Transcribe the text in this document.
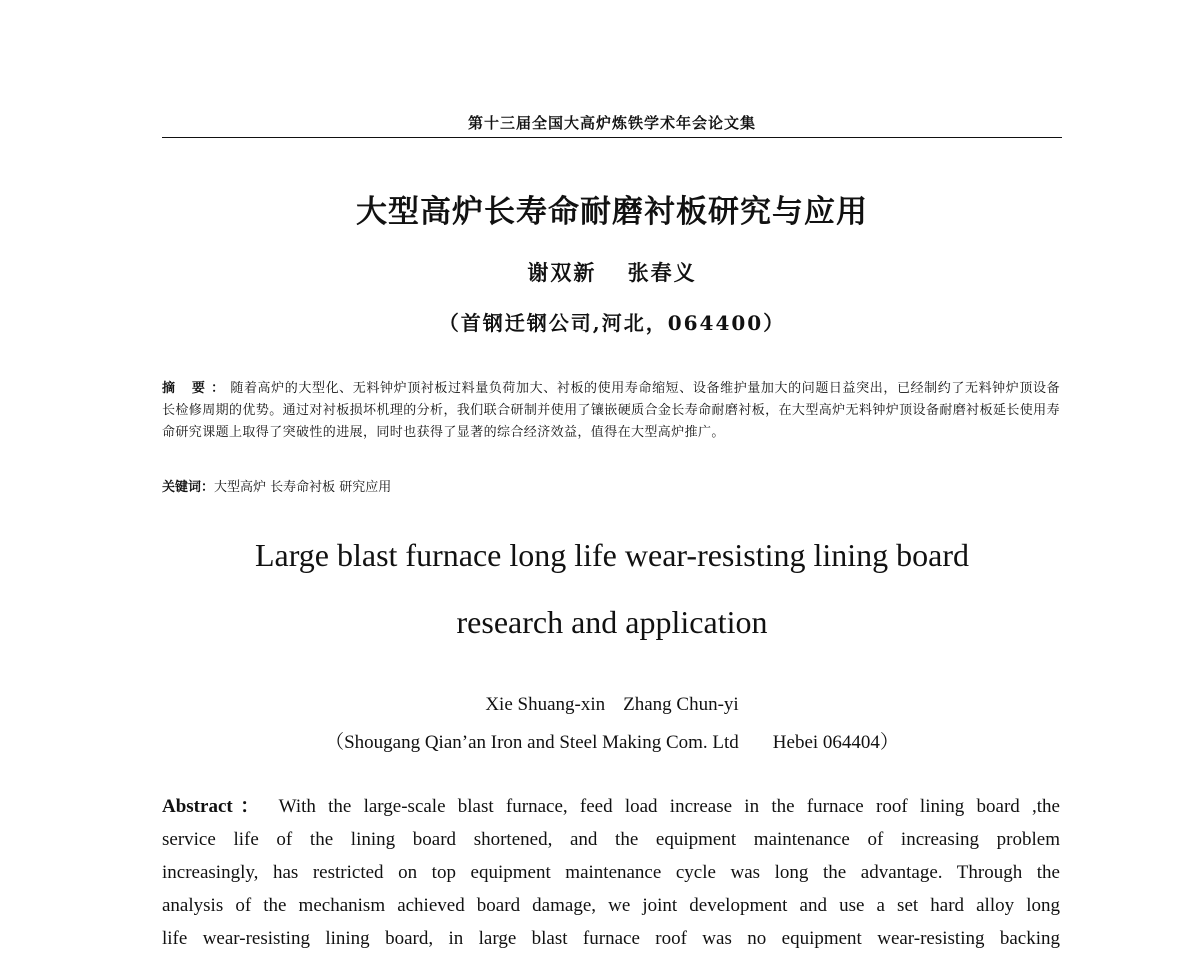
第十三届全国大高炉炼铁学术年会论文集
大型高炉长寿命耐磨衬板研究与应用
谢双新 张春义
（首钢迁钢公司,河北，064400）
摘 要：随着高炉的大型化、无料钟炉顶衬板过料量负荷加大、衬板的使用寿命缩短、设备维护量加大的问题日益突出，已经制约了无料钟炉顶设备长检修周期的优势。通过对衬板损坏机理的分析，我们联合研制并使用了镶嵌硬质合金长寿命耐磨衬板，在大型高炉无料钟炉顶设备耐磨衬板延长使用寿命研究课题上取得了突破性的进展，同时也获得了显著的综合经济效益，值得在大型高炉推广。
关键词：大型高炉 长寿命衬板 研究应用
Large blast furnace long life wear-resisting lining board
research and application
Xie Shuang-xin Zhang Chun-yi
（Shougang Qian’an Iron and Steel Making Com. Ltd Hebei 064404）
Abstract： With the large-scale blast furnace, feed load increase in the furnace roof lining board ,the
service life of the lining board shortened, and the equipment maintenance of increasing problem
increasingly, has restricted on top equipment maintenance cycle was long the advantage. Through the
analysis of the mechanism achieved board damage, we joint development and use a set hard alloy long
life wear-resisting lining board, in large blast furnace roof was no equipment wear-resisting backing
